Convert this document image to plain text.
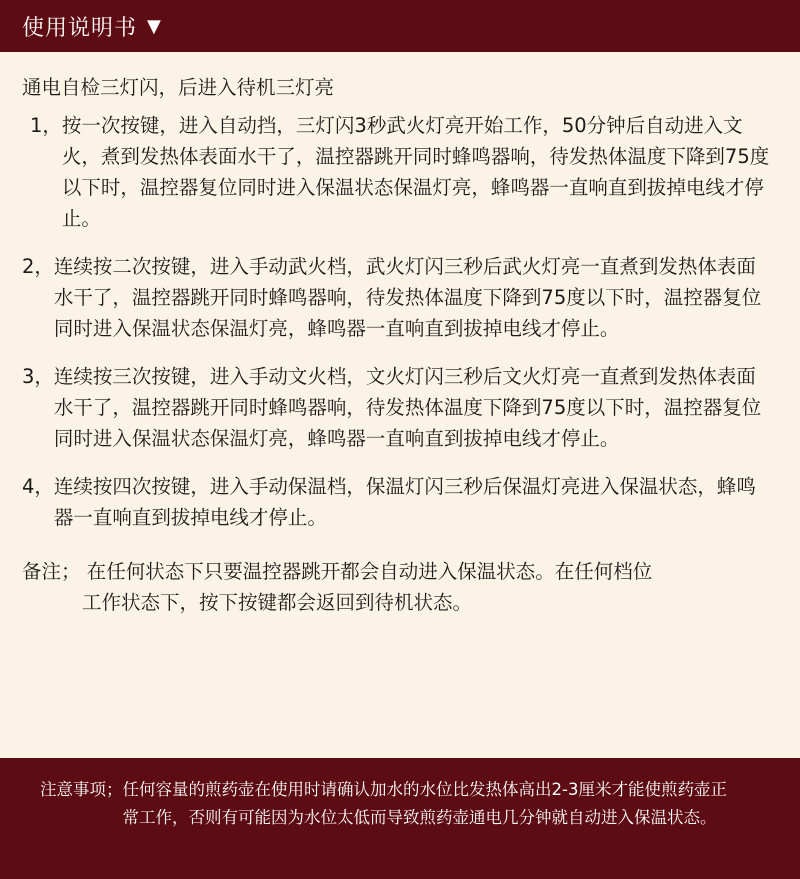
使用说明书 ▼

通电自检三灯闪，后进入待机三灯亮

1， 按一次按键，进入自动挡，三灯闪3秒武火灯亮开始工作，50分钟后自动进入文火，煮到发热体表面水干了，温控器跳开同时蜂鸣器响，待发热体温度下降到75度以下时，温控器复位同时进入保温状态保温灯亮，蜂鸣器一直响直到拔掉电线才停止。
2， 连续按二次按键，进入手动武火档，武火灯闪三秒后武火灯亮一直煮到发热体表面水干了，温控器跳开同时蜂鸣器响，待发热体温度下降到75度以下时，温控器复位同时进入保温状态保温灯亮，蜂鸣器一直响直到拔掉电线才停止。
3， 连续按三次按键，进入手动文火档，文火灯闪三秒后文火灯亮一直煮到发热体表面水干了，温控器跳开同时蜂鸣器响，待发热体温度下降到75度以下时，温控器复位同时进入保温状态保温灯亮，蜂鸣器一直响直到拔掉电线才停止。
4， 连续按四次按键，进入手动保温档，保温灯闪三秒后保温灯亮进入保温状态，蜂鸣器一直响直到拔掉电线才停止。
备注； 在任何状态下只要温控器跳开都会自动进入保温状态。在任何档位

工作状态下，按下按键都会返回到待机状态。
注意事项； 任何容量的煎药壶在使用时请确认加水的水位比发热体高出2-3厘米才能使煎药壶正常工作，否则有可能因为水位太低而导致煎药壶通电几分钟就自动进入保温状态。
